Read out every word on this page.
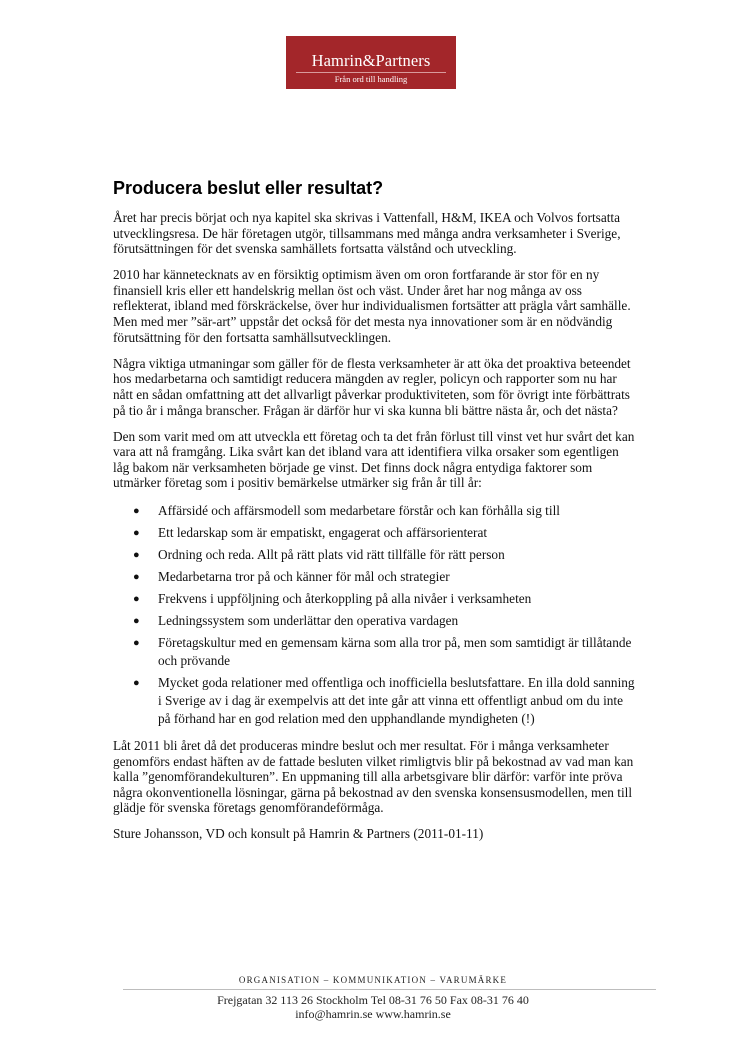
Hamrin&Partners
Från ord till handling
Producera beslut eller resultat?

Året har precis börjat och nya kapitel ska skrivas i Vattenfall, H&M, IKEA och Volvos fortsatta utvecklingsresa. De här företagen utgör, tillsammans med många andra verksamheter i Sverige, förutsättningen för det svenska samhällets fortsatta välstånd och utveckling.

2010 har kännetecknats av en försiktig optimism även om oron fortfarande är stor för en ny finansiell kris eller ett handelskrig mellan öst och väst. Under året har nog många av oss reflekterat, ibland med förskräckelse, över hur individualismen fortsätter att prägla vårt samhälle. Men med mer ”sär-art” uppstår det också för det mesta nya innovationer som är en nödvändig förutsättning för den fortsatta samhällsutvecklingen.

Några viktiga utmaningar som gäller för de flesta verksamheter är att öka det proaktiva beteendet hos medarbetarna och samtidigt reducera mängden av regler, policyn och rapporter som nu har nått en sådan omfattning att det allvarligt påverkar produktiviteten, som för övrigt inte förbättrats på tio år i många branscher. Frågan är därför hur vi ska kunna bli bättre nästa år, och det nästa?

Den som varit med om att utveckla ett företag och ta det från förlust till vinst vet hur svårt det kan vara att nå framgång. Lika svårt kan det ibland vara att identifiera vilka orsaker som egentligen låg bakom när verksamheten började ge vinst. Det finns dock några entydiga faktorer som utmärker företag som i positiv bemärkelse utmärker sig från år till år:

● Affärsidé och affärsmodell som medarbetare förstår och kan förhålla sig till
● Ett ledarskap som är empatiskt, engagerat och affärsorienterat
● Ordning och reda. Allt på rätt plats vid rätt tillfälle för rätt person
● Medarbetarna tror på och känner för mål och strategier
● Frekvens i uppföljning och återkoppling på alla nivåer i verksamheten
● Ledningssystem som underlättar den operativa vardagen
● Företagskultur med en gemensam kärna som alla tror på, men som samtidigt är tillåtande och prövande
● Mycket goda relationer med offentliga och inofficiella beslutsfattare. En illa dold sanning i Sverige av i dag är exempelvis att det inte går att vinna ett offentligt anbud om du inte på förhand har en god relation med den upphandlande myndigheten (!)

Låt 2011 bli året då det produceras mindre beslut och mer resultat. För i många verksamheter genomförs endast häften av de fattade besluten vilket rimligtvis blir på bekostnad av vad man kan kalla ”genomförandekulturen”. En uppmaning till alla arbetsgivare blir därför: varför inte pröva några okonventionella lösningar, gärna på bekostnad av den svenska konsensusmodellen, men till glädje för svenska företags genomförandeförmåga.

Sture Johansson, VD och konsult på Hamrin & Partners (2011-01-11)

ORGANISATION – KOMMUNIKATION – VARUMÄRKE
Frejgatan 32 113 26 Stockholm Tel 08-31 76 50 Fax 08-31 76 40
info@hamrin.se www.hamrin.se
